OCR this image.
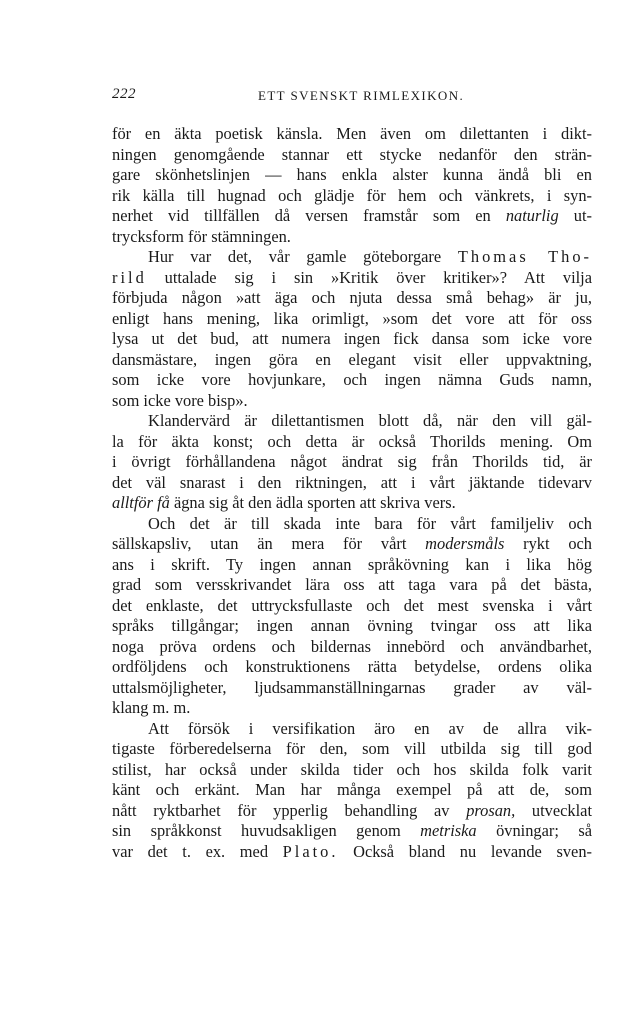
222	ETT SVENSKT RIMLEXIKON.
för en äkta poetisk känsla. Men även om dilettanten i dikt-
ningen genomgående stannar ett stycke nedanför den strän-
gare skönhetslinjen — hans enkla alster kunna ändå bli en
rik källa till hugnad och glädje för hem och vänkrets, i syn-
nerhet vid tillfällen då versen framstår som en naturlig ut-
trycksform för stämningen.
Hur var det, vår gamle göteborgare Thomas Tho-
rild uttalade sig i sin »Kritik över kritiker»? Att vilja
förbjuda någon »att äga och njuta dessa små behag» är ju,
enligt hans mening, lika orimligt, »som det vore att för oss
lysa ut det bud, att numera ingen fick dansa som icke vore
dansmästare, ingen göra en elegant visit eller uppvaktning,
som icke vore hovjunkare, och ingen nämna Guds namn,
som icke vore bisp».
Klandervärd är dilettantismen blott då, när den vill gäl-
la för äkta konst; och detta är också Thorilds mening. Om
i övrigt förhållandena något ändrat sig från Thorilds tid, är
det väl snarast i den riktningen, att i vårt jäktande tidevarv
alltför få ägna sig åt den ädla sporten att skriva vers.
Och det är till skada inte bara för vårt familjeliv och
sällskapsliv, utan än mera för vårt modersmåls rykt och
ans i skrift. Ty ingen annan språkövning kan i lika hög
grad som versskrivandet lära oss att taga vara på det bästa,
det enklaste, det uttrycksfullaste och det mest svenska i vårt
språks tillgångar; ingen annan övning tvingar oss att lika
noga pröva ordens och bildernas innebörd och användbarhet,
ordföljdens och konstruktionens rätta betydelse, ordens olika
uttalsmöjligheter, ljudsammanställningarnas grader av väl-
klang m. m.
Att försök i versifikation äro en av de allra vik-
tigaste förberedelserna för den, som vill utbilda sig till god
stilist, har också under skilda tider och hos skilda folk varit
känt och erkänt. Man har många exempel på att de, som
nått ryktbarhet för ypperlig behandling av prosan, utvecklat
sin språkkonst huvudsakligen genom metriska övningar; så
var det t. ex. med Plato. Också bland nu levande sven-
